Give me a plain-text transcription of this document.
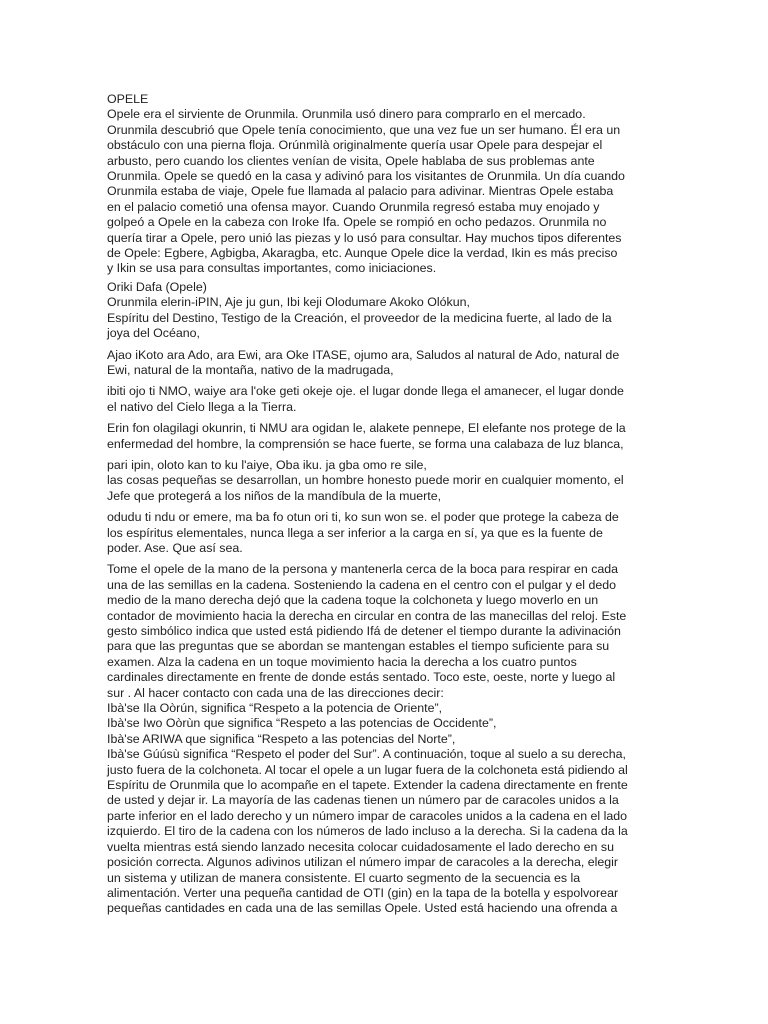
OPELE

Opele era el sirviente de Orunmila. Orunmila usó dinero para comprarlo en el mercado.
Orunmila descubrió que Opele tenía conocimiento, que una vez fue un ser humano. Él era un
obstáculo con una pierna floja. Orúnmìlà originalmente quería usar Opele para despejar el
arbusto, pero cuando los clientes venían de visita, Opele hablaba de sus problemas ante
Orunmila. Opele se quedó en la casa y adivinó para los visitantes de Orunmila. Un día cuando
Orunmila estaba de viaje, Opele fue llamada al palacio para adivinar. Mientras Opele estaba
en el palacio cometió una ofensa mayor. Cuando Orunmila regresó estaba muy enojado y
golpeó a Opele en la cabeza con Iroke Ifa. Opele se rompió en ocho pedazos. Orunmila no
quería tirar a Opele, pero unió las piezas y lo usó para consultar. Hay muchos tipos diferentes
de Opele: Egbere, Agbigba, Akaragba, etc. Aunque Opele dice la verdad, Ikin es más preciso
y Ikin se usa para consultas importantes, como iniciaciones.

Oriki Dafa (Opele)

Orunmila elerin-iPIN, Aje ju gun, Ibi keji Olodumare Akoko Olókun,
Espíritu del Destino, Testigo de la Creación, el proveedor de la medicina fuerte, al lado de la
joya del Océano,

Ajao iKoto ara Ado, ara Ewi, ara Oke ITASE, ojumo ara, Saludos al natural de Ado, natural de
Ewi, natural de la montaña, nativo de la madrugada,

ibiti ojo ti NMO, waiye ara l'oke geti okeje oje. el lugar donde llega el amanecer, el lugar donde
el nativo del Cielo llega a la Tierra.

Erin fon olagilagi okunrin, ti NMU ara ogidan le, alakete pennepe, El elefante nos protege de la
enfermedad del hombre, la comprensión se hace fuerte, se forma una calabaza de luz blanca,

pari ipin, oloto kan to ku l'aiye, Oba iku. ja gba omo re sile,
las cosas pequeñas se desarrollan, un hombre honesto puede morir en cualquier momento, el
Jefe que protegerá a los niños de la mandíbula de la muerte,

odudu ti ndu or emere, ma ba fo otun ori ti, ko sun won se. el poder que protege la cabeza de
los espíritus elementales, nunca llega a ser inferior a la carga en sí, ya que es la fuente de
poder. Ase. Que así sea.

Tome el opele de la mano de la persona y mantenerla cerca de la boca para respirar en cada
una de las semillas en la cadena. Sosteniendo la cadena en el centro con el pulgar y el dedo
medio de la mano derecha dejó que la cadena toque la colchoneta y luego moverlo en un
contador de movimiento hacia la derecha en circular en contra de las manecillas del reloj. Este
gesto simbólico indica que usted está pidiendo Ifá de detener el tiempo durante la adivinación
para que las preguntas que se abordan se mantengan estables el tiempo suficiente para su
examen. Alza la cadena en un toque movimiento hacia la derecha a los cuatro puntos
cardinales directamente en frente de donde estás sentado. Toco este, oeste, norte y luego al
sur . Al hacer contacto con cada una de las direcciones decir:
Ibà'se Ila Oòrún, significa “Respeto a la potencia de Oriente”,
Ibà'se Iwo Oòrùn que significa “Respeto a las potencias de Occidente”,
Ibà'se ARIWA que significa “Respeto a las potencias del Norte”,
Ibà'se Gúúsù significa “Respeto el poder del Sur”. A continuación, toque al suelo a su derecha,
justo fuera de la colchoneta. Al tocar el opele a un lugar fuera de la colchoneta está pidiendo al
Espíritu de Orunmila que lo acompañe en el tapete. Extender la cadena directamente en frente
de usted y dejar ir. La mayoría de las cadenas tienen un número par de caracoles unidos a la
parte inferior en el lado derecho y un número impar de caracoles unidos a la cadena en el lado
izquierdo. El tiro de la cadena con los números de lado incluso a la derecha. Si la cadena da la
vuelta mientras está siendo lanzado necesita colocar cuidadosamente el lado derecho en su
posición correcta. Algunos adivinos utilizan el número impar de caracoles a la derecha, elegir
un sistema y utilizan de manera consistente. El cuarto segmento de la secuencia es la
alimentación. Verter una pequeña cantidad de OTI (gin) en la tapa de la botella y espolvorear
pequeñas cantidades en cada una de las semillas Opele. Usted está haciendo una ofrenda a
